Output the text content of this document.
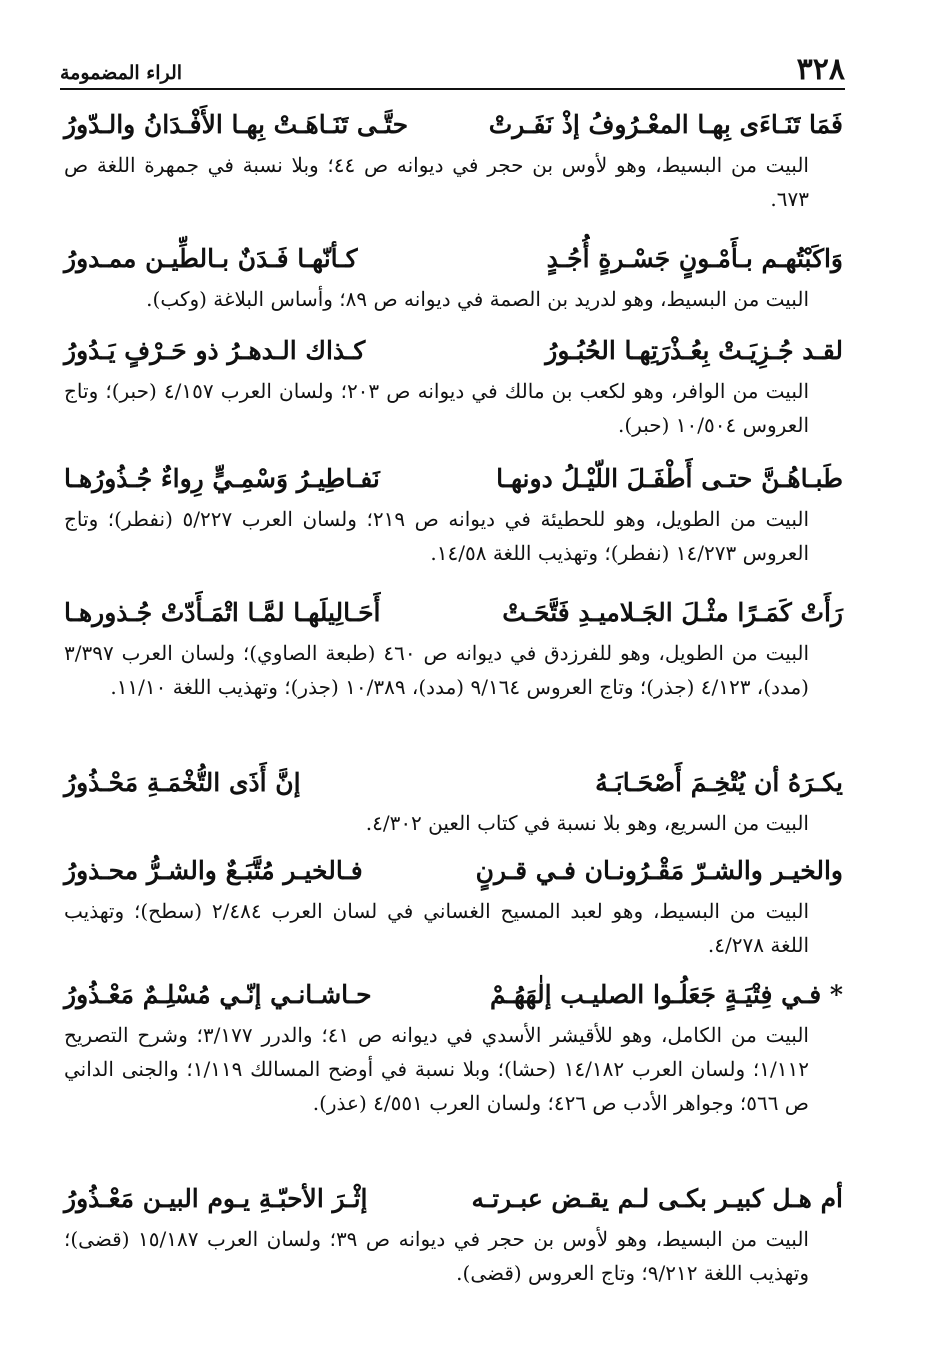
٣٢٨
الراء المضمومة
فَمَا تَنَـاءَى بِهـا المعْـرُوفُ إذْ نَفَـرتْ
حتَّـى تَنَـاهَـتْ بِهـا الأَفْـدَانُ والـدّورُ
البيت من البسيط، وهو لأوس بن حجر في ديوانه ص ٤٤؛ وبلا نسبة في جمهرة اللغة ص ٦٧٣.
وَاكَبْتُهـم بـأَمْـونٍ جَسْـرةٍ أُجُـدٍ
كـأنّهـا فَـدَنٌ بـالطِّيـن ممـدورُ
البيت من البسيط، وهو لدريد بن الصمة في ديوانه ص ٨٩؛ وأساس البلاغة (وكب).
لقـد جُـزِيَـتْ بِعُـذْرَتِهـا الحُبُـورُ
كـذاك الـدهـرُ ذو حَـرْفٍ يَـدُورُ
البيت من الوافر، وهو لكعب بن مالك في ديوانه ص ٢٠٣؛ ولسان العرب ٤/١٥٧ (حبر)؛ وتاج العروس ١٠/٥٠٤ (حبر).
طَبـاهُـنَّ حتـى أَطْفَـلَ اللّيْـلُ دونهـا
نَفـاطِيـرُ وَسْمِـيٍّ رِواءٌ جُـذُورُهـا
البيت من الطويل، وهو للحطيئة في ديوانه ص ٢١٩؛ ولسان العرب ٥/٢٢٧ (نفطر)؛ وتاج العروس ١٤/٢٧٣ (نفطر)؛ وتهذيب اللغة ١٤/٥٨.
رَأَتْ كَمَـرًا مثْـلَ الجَـلاميـدِ فَتَّحَـتْ
أَحَـالِيلَهـا لمَّـا اتْمَـأَدّتْ جُـذورهـا
البيت من الطويل، وهو للفرزدق في ديوانه ص ٤٦٠ (طبعة الصاوي)؛ ولسان العرب ٣/٣٩٧ (مدد)، ٤/١٢٣ (جذر)؛ وتاج العروس ٩/١٦٤ (مدد)، ١٠/٣٨٩ (جذر)؛ وتهذيب اللغة ١١/١٠.
يكـرَهُ أن يُتْخِـمَ أَصْحَـابَـهُ
إنَّ أَذَى التُّخْمَـةِ مَحْـذُورُ
البيت من السريع، وهو بلا نسبة في كتاب العين ٤/٣٠٢.
والخيـر والشـرّ مَقْـرُونـان فـي قـرنٍ
فـالخيـر مُتَّبَـعٌ والشـرُّ محـذورُ
البيت من البسيط، وهو لعبد المسيح الغساني في لسان العرب ٢/٤٨٤ (سطح)؛ وتهذيب اللغة ٤/٢٧٨.
* فـي فِتْيَـةٍ جَعَلُـوا الصليـب إلٰهَهُـمْ
حـاشـانـي إنّـي مُسْلِـمٌ مَعْـذُورُ
البيت من الكامل، وهو للأقيشر الأسدي في ديوانه ص ٤١؛ والدرر ٣/١٧٧؛ وشرح التصريح ١/١١٢؛ ولسان العرب ١٤/١٨٢ (حشا)؛ وبلا نسبة في أوضح المسالك ١/١١٩؛ والجنى الداني ص ٥٦٦؛ وجواهر الأدب ص ٤٢٦؛ ولسان العرب ٤/٥٥١ (عذر).
أم هـل كبيـر بكـى لـم يقـض عبـرتـه
إثْـرَ الأحبّـةِ يـوم البيـن مَعْـذُورُ
البيت من البسيط، وهو لأوس بن حجر في ديوانه ص ٣٩؛ ولسان العرب ١٥/١٨٧ (قضى)؛ وتهذيب اللغة ٩/٢١٢؛ وتاج العروس (قضى).
